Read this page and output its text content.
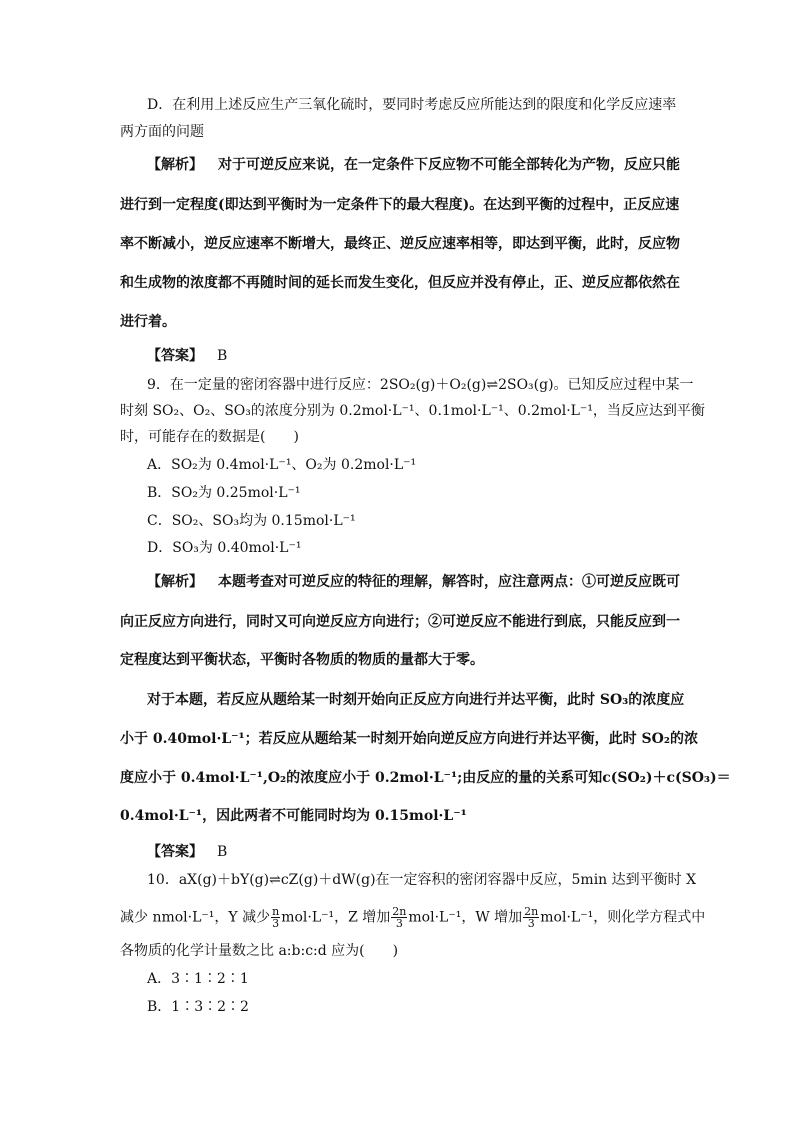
D．在利用上述反应生产三氧化硫时，要同时考虑反应所能达到的限度和化学反应速率
两方面的问题
【解析】 对于可逆反应来说，在一定条件下反应物不可能全部转化为产物，反应只能
进行到一定程度(即达到平衡时为一定条件下的最大程度)。在达到平衡的过程中，正反应速
率不断减小，逆反应速率不断增大，最终正、逆反应速率相等，即达到平衡，此时，反应物
和生成物的浓度都不再随时间的延长而发生变化，但反应并没有停止，正、逆反应都依然在
进行着。
【答案】 B
9．在一定量的密闭容器中进行反应：2SO₂(g)＋O₂(g)⇌2SO₃(g)。已知反应过程中某一
时刻 SO₂、O₂、SO₃的浓度分别为 0.2mol·L⁻¹、0.1mol·L⁻¹、0.2mol·L⁻¹，当反应达到平衡
时，可能存在的数据是(　　)
A．SO₂为 0.4mol·L⁻¹、O₂为 0.2mol·L⁻¹
B．SO₂为 0.25mol·L⁻¹
C．SO₂、SO₃均为 0.15mol·L⁻¹
D．SO₃为 0.40mol·L⁻¹
【解析】 本题考查对可逆反应的特征的理解，解答时，应注意两点：①可逆反应既可
向正反应方向进行，同时又可向逆反应方向进行；②可逆反应不能进行到底，只能反应到一
定程度达到平衡状态，平衡时各物质的物质的量都大于零。
对于本题，若反应从题给某一时刻开始向正反应方向进行并达平衡，此时 SO₃的浓度应
小于 0.40mol·L⁻¹；若反应从题给某一时刻开始向逆反应方向进行并达平衡，此时 SO₂的浓
度应小于 0.4mol·L⁻¹,O₂的浓度应小于 0.2mol·L⁻¹;由反应的量的关系可知c(SO₂)＋c(SO₃)＝
0.4mol·L⁻¹，因此两者不可能同时均为 0.15mol·L⁻¹
【答案】 B
10．aX(g)＋bY(g)⇌cZ(g)＋dW(g)在一定容积的密闭容器中反应，5min 达到平衡时 X
减少 nmol·L⁻¹，Y 减少 $\frac{n}{3} mol\cdot L^{-1}$，Z 增加 $\frac{2n}{3} mol\cdot L^{-1}$，W 增加 $\frac{2n}{3} mol\cdot L^{-1}$，则化学方程式中
各物质的化学计量数之比 a:b:c:d 应为(　　)
A．3∶1∶2∶1
B．1∶3∶2∶2
